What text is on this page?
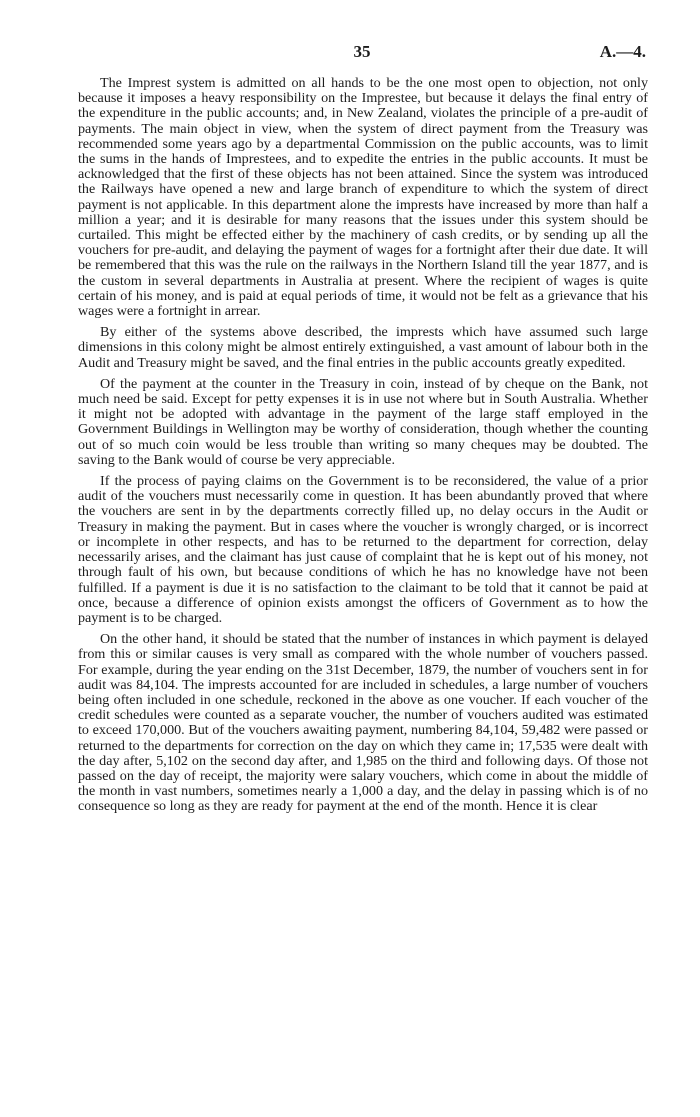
35	A.—4.

The Imprest system is admitted on all hands to be the one most open to objection, not only because it imposes a heavy responsibility on the Imprestee, but because it delays the final entry of the expenditure in the public accounts; and, in New Zealand, violates the principle of a pre-audit of payments. The main object in view, when the system of direct payment from the Treasury was recommended some years ago by a departmental Commission on the public accounts, was to limit the sums in the hands of Imprestees, and to expedite the entries in the public accounts. It must be acknowledged that the first of these objects has not been attained. Since the system was introduced the Railways have opened a new and large branch of expenditure to which the system of direct payment is not applicable. In this department alone the imprests have increased by more than half a million a year; and it is desirable for many reasons that the issues under this system should be curtailed. This might be effected either by the machinery of cash credits, or by sending up all the vouchers for pre-audit, and delaying the payment of wages for a fortnight after their due date. It will be remembered that this was the rule on the railways in the Northern Island till the year 1877, and is the custom in several departments in Australia at present. Where the recipient of wages is quite certain of his money, and is paid at equal periods of time, it would not be felt as a grievance that his wages were a fortnight in arrear.

By either of the systems above described, the imprests which have assumed such large dimensions in this colony might be almost entirely extinguished, a vast amount of labour both in the Audit and Treasury might be saved, and the final entries in the public accounts greatly expedited.

Of the payment at the counter in the Treasury in coin, instead of by cheque on the Bank, not much need be said. Except for petty expenses it is in use not where but in South Australia. Whether it might not be adopted with advantage in the payment of the large staff employed in the Government Buildings in Wellington may be worthy of consideration, though whether the counting out of so much coin would be less trouble than writing so many cheques may be doubted. The saving to the Bank would of course be very appreciable.

If the process of paying claims on the Government is to be reconsidered, the value of a prior audit of the vouchers must necessarily come in question. It has been abundantly proved that where the vouchers are sent in by the departments correctly filled up, no delay occurs in the Audit or Treasury in making the payment. But in cases where the voucher is wrongly charged, or is incorrect or incomplete in other respects, and has to be returned to the department for correction, delay necessarily arises, and the claimant has just cause of complaint that he is kept out of his money, not through fault of his own, but because conditions of which he has no knowledge have not been fulfilled. If a payment is due it is no satisfaction to the claimant to be told that it cannot be paid at once, because a difference of opinion exists amongst the officers of Government as to how the payment is to be charged.

On the other hand, it should be stated that the number of instances in which payment is delayed from this or similar causes is very small as compared with the whole number of vouchers passed. For example, during the year ending on the 31st December, 1879, the number of vouchers sent in for audit was 84,104. The imprests accounted for are included in schedules, a large number of vouchers being often included in one schedule, reckoned in the above as one voucher. If each voucher of the credit schedules were counted as a separate voucher, the number of vouchers audited was estimated to exceed 170,000. But of the vouchers awaiting payment, numbering 84,104, 59,482 were passed or returned to the departments for correction on the day on which they came in; 17,535 were dealt with the day after, 5,102 on the second day after, and 1,985 on the third and following days. Of those not passed on the day of receipt, the majority were salary vouchers, which come in about the middle of the month in vast numbers, sometimes nearly a 1,000 a day, and the delay in passing which is of no consequence so long as they are ready for payment at the end of the month. Hence it is clear
